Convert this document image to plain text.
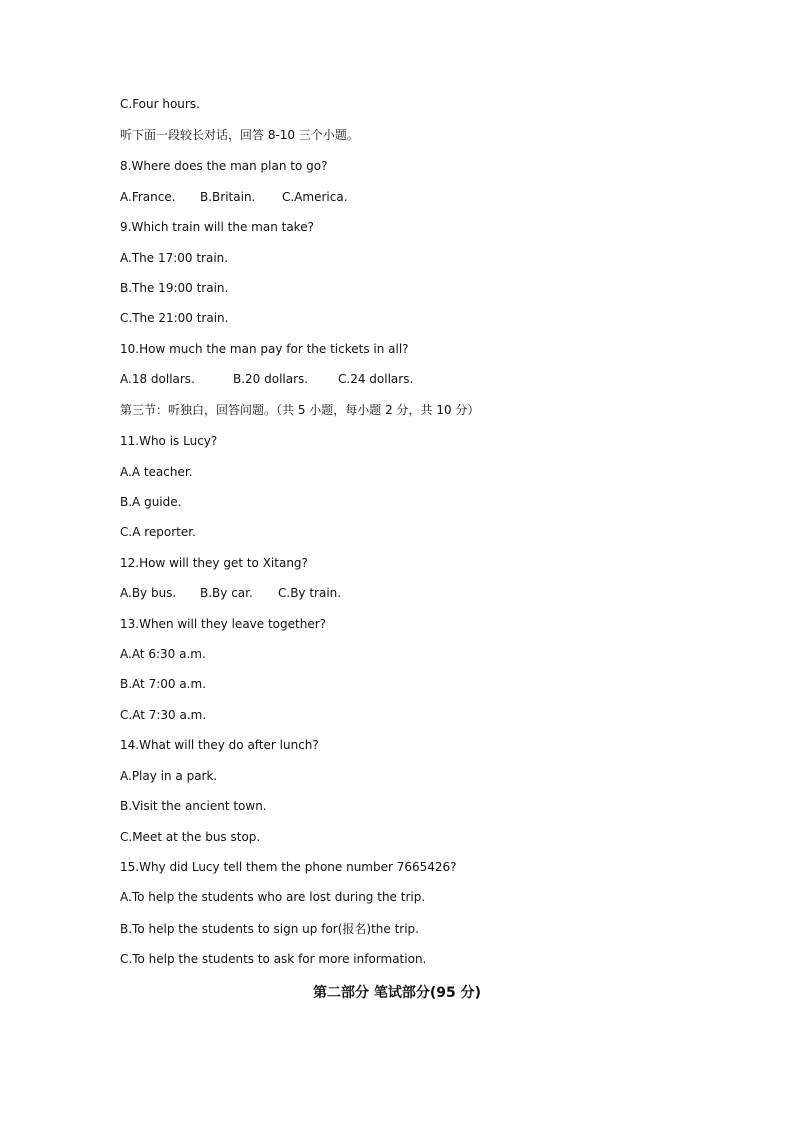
C.Four hours.

听下面一段较长对话，回答 8-10 三个小题。

8.Where does the man plan to go?

A.France. B.Britain. C.America.

9.Which train will the man take?

A.The 17:00 train.

B.The 19:00 train.

C.The 21:00 train.

10.How much the man pay for the tickets in all?

A.18 dollars.	B.20 dollars. C.24 dollars.

第三节：听独白，回答问题。（共 5 小题，每小题 2 分，共 10 分）

11.Who is Lucy?

A.A teacher.

B.A guide.

C.A reporter.

12.How will they get to Xitang?

A.By bus. B.By car. C.By train.

13.When will they leave together?

A.At 6:30 a.m.

B.At 7:00 a.m.

C.At 7:30 a.m.

14.What will they do after lunch?

A.Play in a park.

B.Visit the ancient town.

C.Meet at the bus stop.

15.Why did Lucy tell them the phone number 7665426?

A.To help the students who are lost during the trip.

B.To help the students to sign up for(报名)the trip.

C.To help the students to ask for more information.

第二部分 笔试部分(95 分)
